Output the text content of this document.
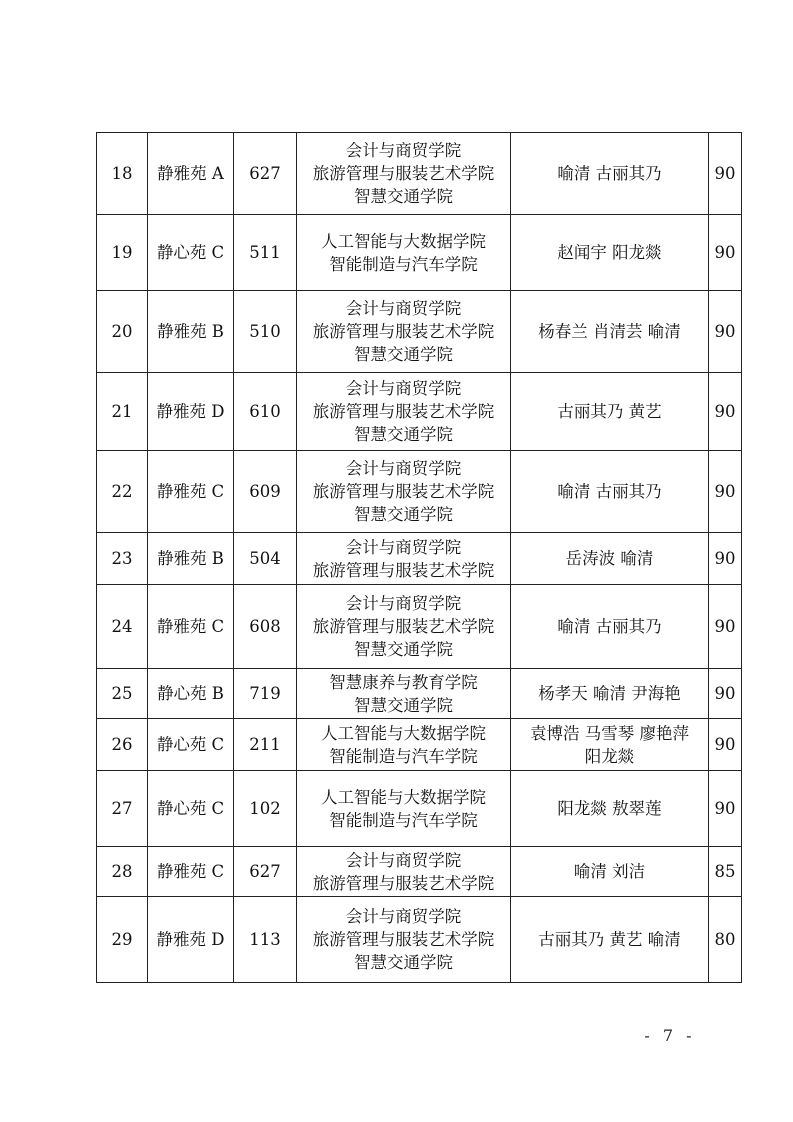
18	静雅苑 A	627	会计与商贸学院
旅游管理与服装艺术学院
智慧交通学院	喻清 古丽其乃	90
19	静心苑 C	511	人工智能与大数据学院
智能制造与汽车学院	赵闻宇 阳龙燚	90
20	静雅苑 B	510	会计与商贸学院
旅游管理与服装艺术学院
智慧交通学院	杨春兰 肖清芸 喻清	90
21	静雅苑 D	610	会计与商贸学院
旅游管理与服装艺术学院
智慧交通学院	古丽其乃 黄艺	90
22	静雅苑 C	609	会计与商贸学院
旅游管理与服装艺术学院
智慧交通学院	喻清 古丽其乃	90
23	静雅苑 B	504	会计与商贸学院
旅游管理与服装艺术学院	岳涛波 喻清	90
24	静雅苑 C	608	会计与商贸学院
旅游管理与服装艺术学院
智慧交通学院	喻清 古丽其乃	90
25	静心苑 B	719	智慧康养与教育学院
智慧交通学院	杨孝天 喻清 尹海艳	90
26	静心苑 C	211	人工智能与大数据学院
智能制造与汽车学院	袁博浩 马雪琴 廖艳萍
阳龙燚	90
27	静心苑 C	102	人工智能与大数据学院
智能制造与汽车学院	阳龙燚 敖翠莲	90
28	静雅苑 C	627	会计与商贸学院
旅游管理与服装艺术学院	喻清 刘洁	85
29	静雅苑 D	113	会计与商贸学院
旅游管理与服装艺术学院
智慧交通学院	古丽其乃 黄艺 喻清	80
- 7 -
